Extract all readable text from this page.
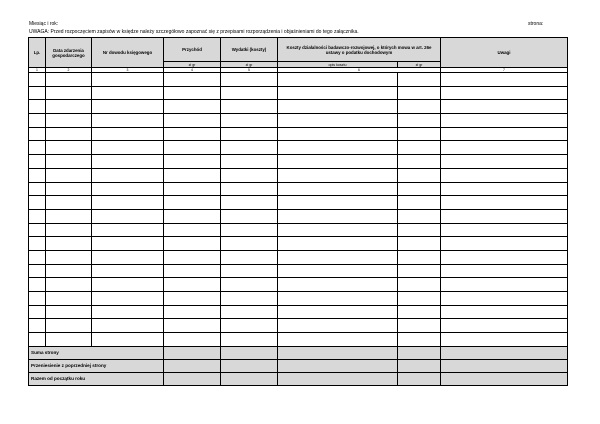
Miesiąc i rok:	strona:
UWAGA: Przed rozpoczęciem zapisów w księdze należy szczegółowo zapoznać się z przepisami rozporządzenia i objaśnieniami do tego załącznika.
Lp.	Data zdarzenia gospodarczego	Nr dowodu księgowego	Przychód	Wydatki (koszty)	Koszty działalności badawczo-rozwojowej, o których mowa w art. 26e ustawy o podatku dochodowym		Uwagi
			zł gr	zł gr	opis kosztu	zł gr	
1	2	3	4	5	6		7

Suma strony							
Przeniesienie z poprzedniej strony							
Razem od początku roku							
